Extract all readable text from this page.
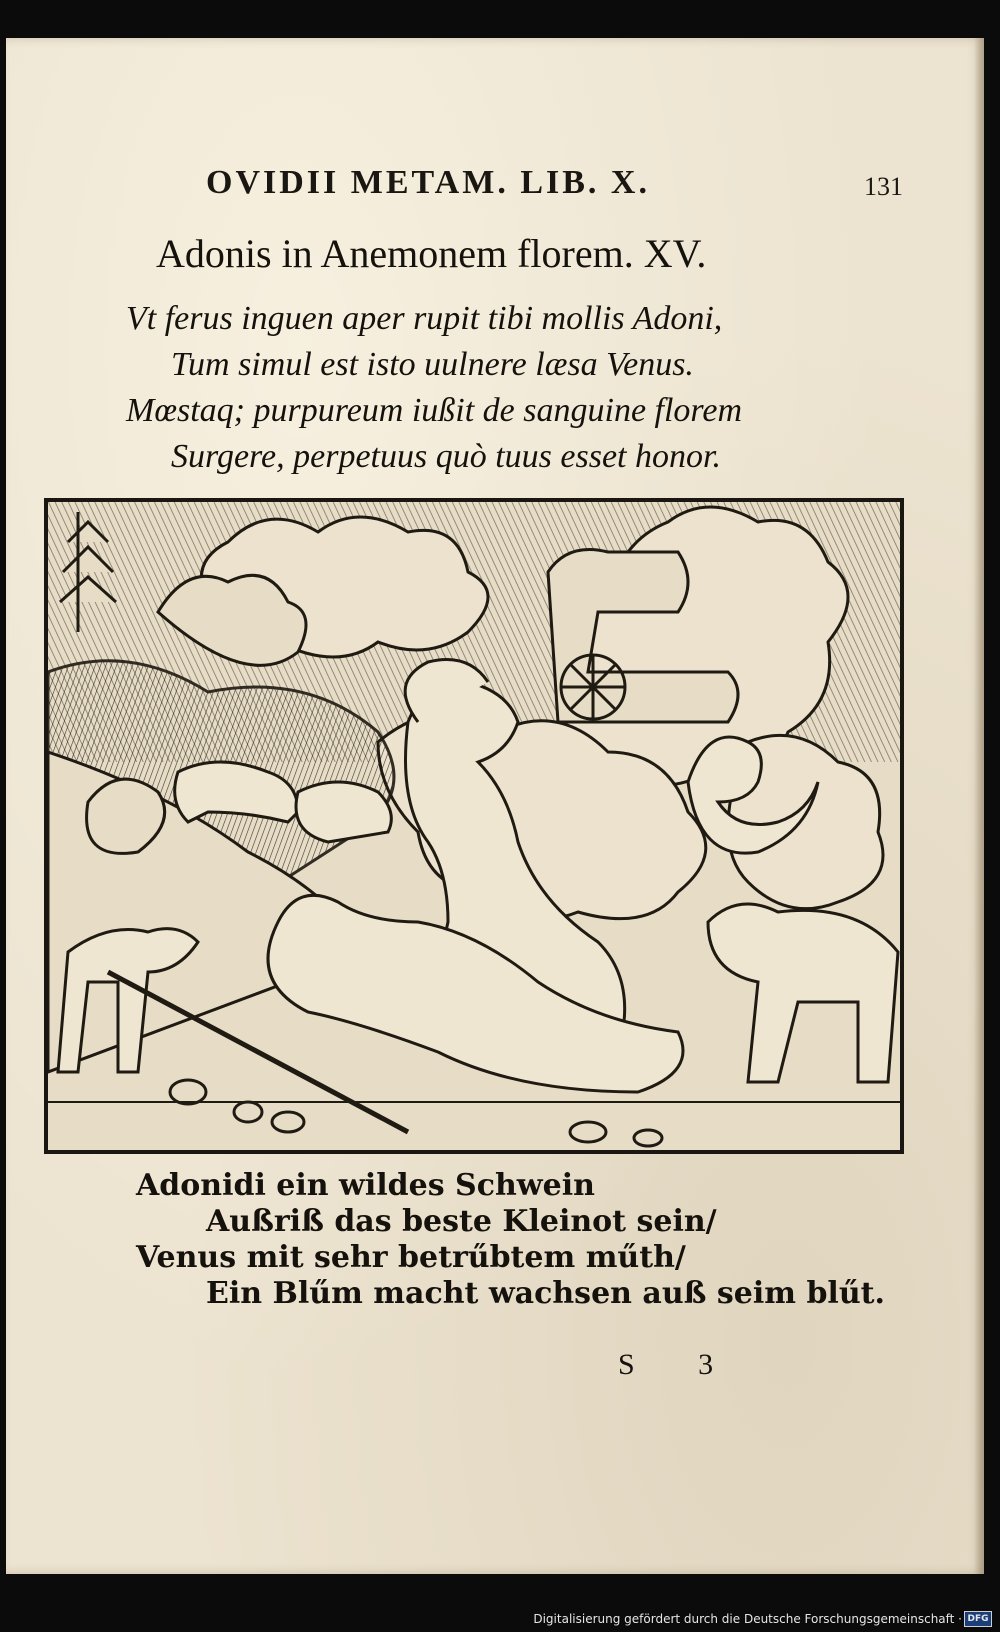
OVIDII METAM. LIB. X.	131
Adonis in Anemonem florem. XV.
Vt ferus inguen aper rupit tibi mollis Adoni,
Tum simul est isto uulnere læsa Venus.
Mœstaq; purpureum iußit de sanguine florem
Surgere, perpetuus quò tuus esset honor.
Adonidi ein wildes Schwein
Außriß das beste Kleinot sein/
Venus mit sehr betrűbtem műth/
Ein Blűm macht wachsen auß seim blűt.
S 3
Digitalisierung gefördert durch die Deutsche Forschungsgemeinschaft · DFG
